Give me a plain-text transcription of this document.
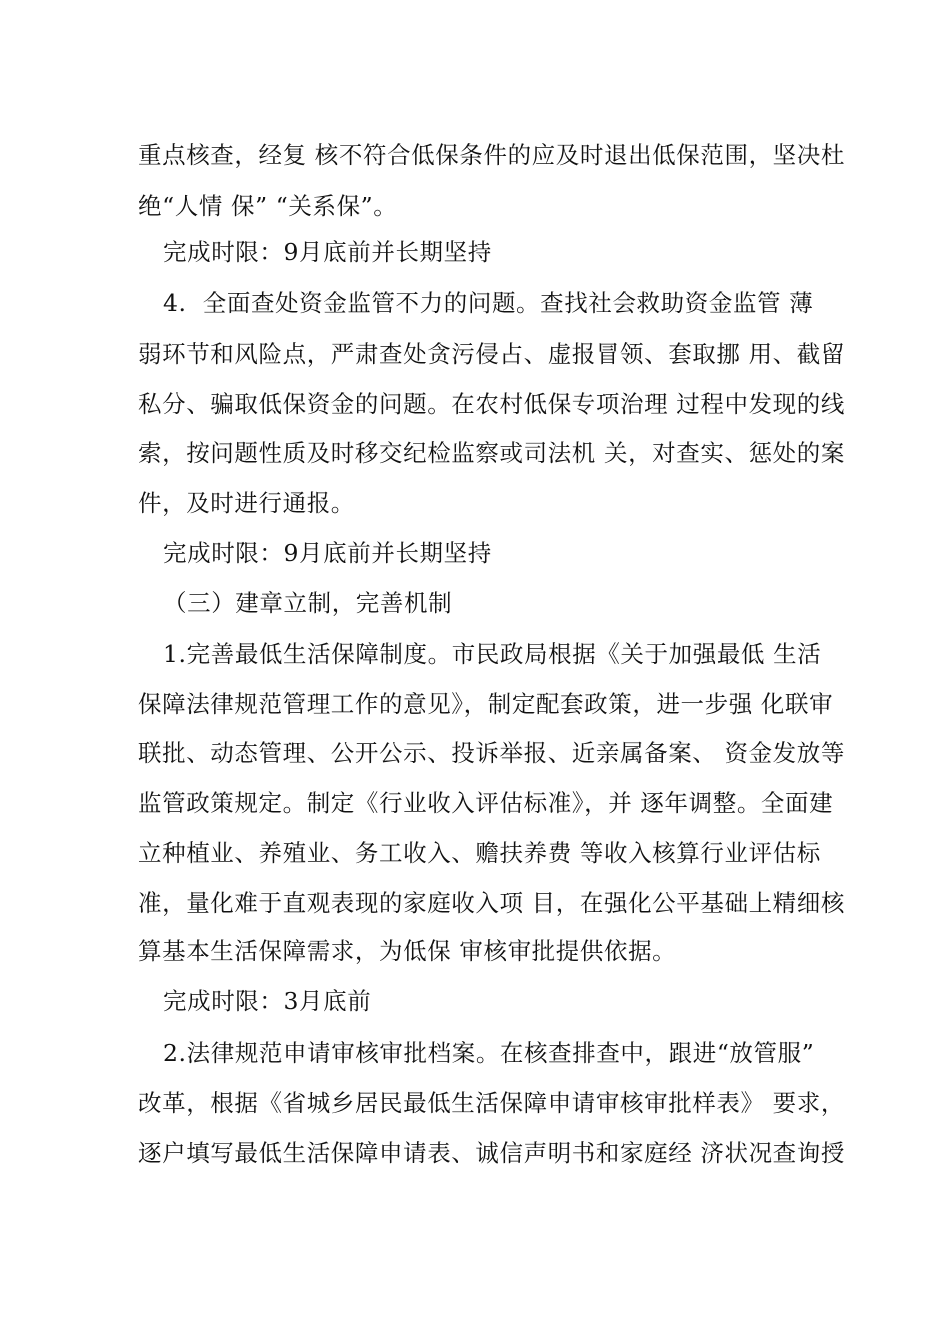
重点核查，经复 核不符合低保条件的应及时退出低保范围，坚决杜
绝“人情 保” “关系保”。
完成时限：9月底前并长期坚持
4.  全面查处资金监管不力的问题。查找社会救助资金监管 薄
弱环节和风险点，严肃查处贪污侵占、虚报冒领、套取挪 用、截留
私分、骗取低保资金的问题。在农村低保专项治理 过程中发现的线
索，按问题性质及时移交纪检监察或司法机 关，对查实、惩处的案
件，及时进行通报。
完成时限：9月底前并长期坚持
（三）建章立制，完善机制
1.完善最低生活保障制度。市民政局根据《关于加强最低 生活
保障法律规范管理工作的意见》，制定配套政策，进一步强 化联审
联批、动态管理、公开公示、投诉举报、近亲属备案、 资金发放等
监管政策规定。制定《行业收入评估标准》，并 逐年调整。全面建
立种植业、养殖业、务工收入、赡扶养费 等收入核算行业评估标
准，量化难于直观表现的家庭收入项 目，在强化公平基础上精细核
算基本生活保障需求，为低保 审核审批提供依据。
完成时限：3月底前
2.法律规范申请审核审批档案。在核查排查中，跟进“放管服”
改革，根据《省城乡居民最低生活保障申请审核审批样表》 要求，
逐户填写最低生活保障申请表、诚信声明书和家庭经 济状况查询授
